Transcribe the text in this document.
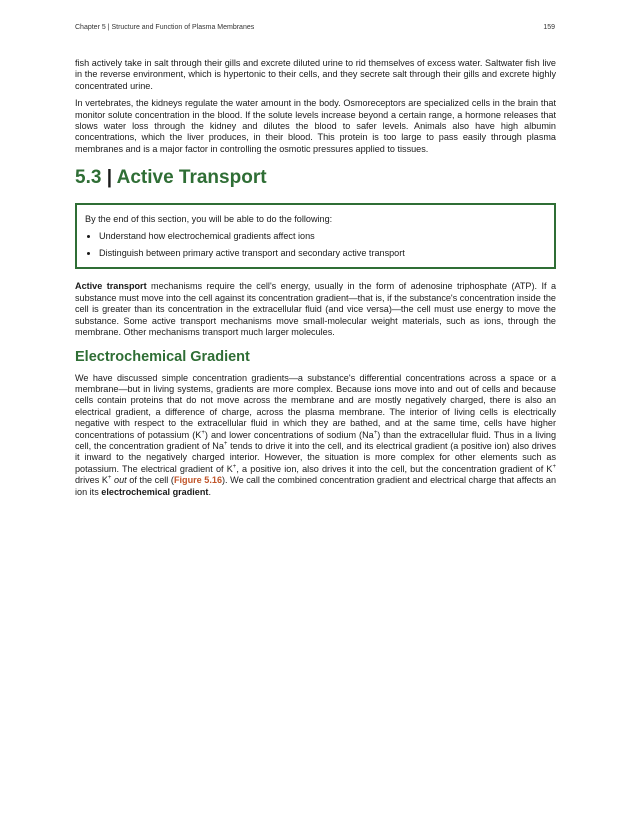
Chapter 5 | Structure and Function of Plasma Membranes	159

fish actively take in salt through their gills and excrete diluted urine to rid themselves of excess water. Saltwater fish live in the reverse environment, which is hypertonic to their cells, and they secrete salt through their gills and excrete highly concentrated urine.

In vertebrates, the kidneys regulate the water amount in the body. Osmoreceptors are specialized cells in the brain that monitor solute concentration in the blood. If the solute levels increase beyond a certain range, a hormone releases that slows water loss through the kidney and dilutes the blood to safer levels. Animals also have high albumin concentrations, which the liver produces, in their blood. This protein is too large to pass easily through plasma membranes and is a major factor in controlling the osmotic pressures applied to tissues.

5.3 | Active Transport

By the end of this section, you will be able to do the following:

• Understand how electrochemical gradients affect ions
• Distinguish between primary active transport and secondary active transport

Active transport mechanisms require the cell's energy, usually in the form of adenosine triphosphate (ATP). If a substance must move into the cell against its concentration gradient—that is, if the substance's concentration inside the cell is greater than its concentration in the extracellular fluid (and vice versa)—the cell must use energy to move the substance. Some active transport mechanisms move small-molecular weight materials, such as ions, through the membrane. Other mechanisms transport much larger molecules.

Electrochemical Gradient

We have discussed simple concentration gradients—a substance's differential concentrations across a space or a membrane—but in living systems, gradients are more complex. Because ions move into and out of cells and because cells contain proteins that do not move across the membrane and are mostly negatively charged, there is also an electrical gradient, a difference of charge, across the plasma membrane. The interior of living cells is electrically negative with respect to the extracellular fluid in which they are bathed, and at the same time, cells have higher concentrations of potassium (K+) and lower concentrations of sodium (Na+) than the extracellular fluid. Thus in a living cell, the concentration gradient of Na+ tends to drive it into the cell, and its electrical gradient (a positive ion) also drives it inward to the negatively charged interior. However, the situation is more complex for other elements such as potassium. The electrical gradient of K+, a positive ion, also drives it into the cell, but the concentration gradient of K+ drives K+ out of the cell (Figure 5.16). We call the combined concentration gradient and electrical charge that affects an ion its electrochemical gradient.
